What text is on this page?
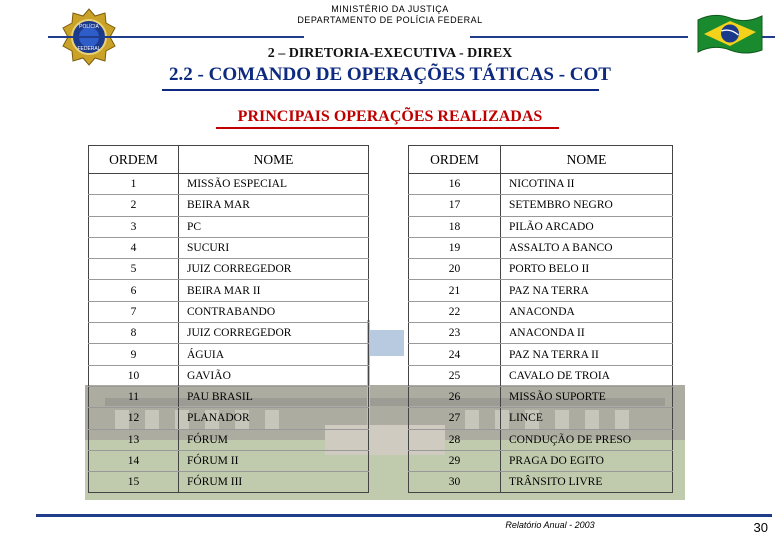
POLÍCIA
FEDERAL
MINISTÉRIO DA JUSTIÇA
DEPARTAMENTO DE POLÍCIA FEDERAL
2 – DIRETORIA-EXECUTIVA - DIREX
2.2 - COMANDO DE OPERAÇÕES TÁTICAS - COT
PRINCIPAIS OPERAÇÕES REALIZADAS
ORDEM	NOME
1	MISSÃO ESPECIAL
2	BEIRA MAR
3	PC
4	SUCURI
5	JUIZ CORREGEDOR
6	BEIRA MAR II
7	CONTRABANDO
8	JUIZ CORREGEDOR
9	ÁGUIA
10	GAVIÃO
11	PAU BRASIL
12	PLANADOR
13	FÓRUM
14	FÓRUM II
15	FÓRUM III
ORDEM	NOME
16	NICOTINA II
17	SETEMBRO NEGRO
18	PILÃO ARCADO
19	ASSALTO A BANCO
20	PORTO BELO II
21	PAZ NA TERRA
22	ANACONDA
23	ANACONDA II
24	PAZ NA TERRA II
25	CAVALO DE TROIA
26	MISSÃO SUPORTE
27	LINCE
28	CONDUÇÃO DE PRESO
29	PRAGA DO EGITO
30	TRÂNSITO LIVRE
Relatório Anual - 2003	30
